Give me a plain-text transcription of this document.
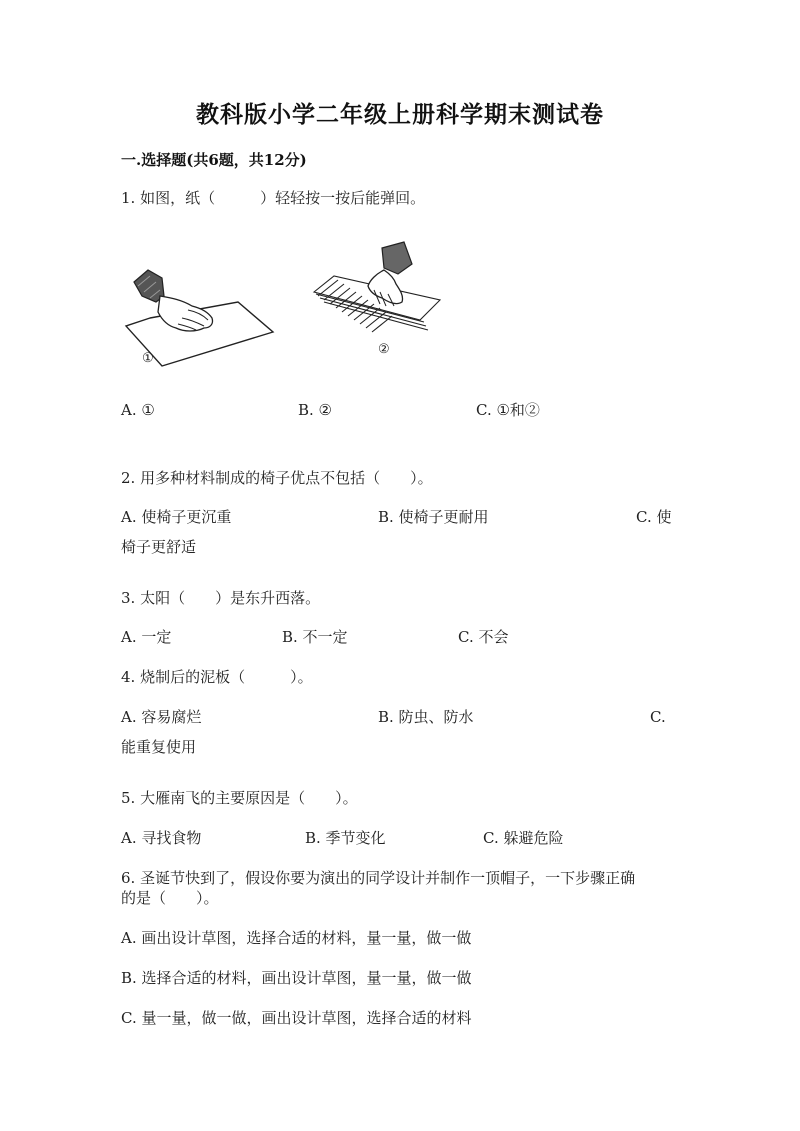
教科版小学二年级上册科学期末测试卷
一.选择题(共6题，共12分)
1. 如图，纸（　　　）轻轻按一按后能弹回。
①
②
A. ①	B. ②	C. ①和②
2. 用多种材料制成的椅子优点不包括（　　）。
A. 使椅子更沉重	B. 使椅子更耐用	C. 使
椅子更舒适
3. 太阳（　　）是东升西落。
A. 一定	B. 不一定	C. 不会
4. 烧制后的泥板（　　　）。
A. 容易腐烂	B. 防虫、防水	C.
能重复使用
5. 大雁南飞的主要原因是（　　）。
A. 寻找食物	B. 季节变化	C. 躲避危险
6. 圣诞节快到了，假设你要为演出的同学设计并制作一顶帽子，一下步骤正确
的是（　　）。
A. 画出设计草图，选择合适的材料，量一量，做一做
B. 选择合适的材料，画出设计草图，量一量，做一做
C. 量一量，做一做，画出设计草图，选择合适的材料
